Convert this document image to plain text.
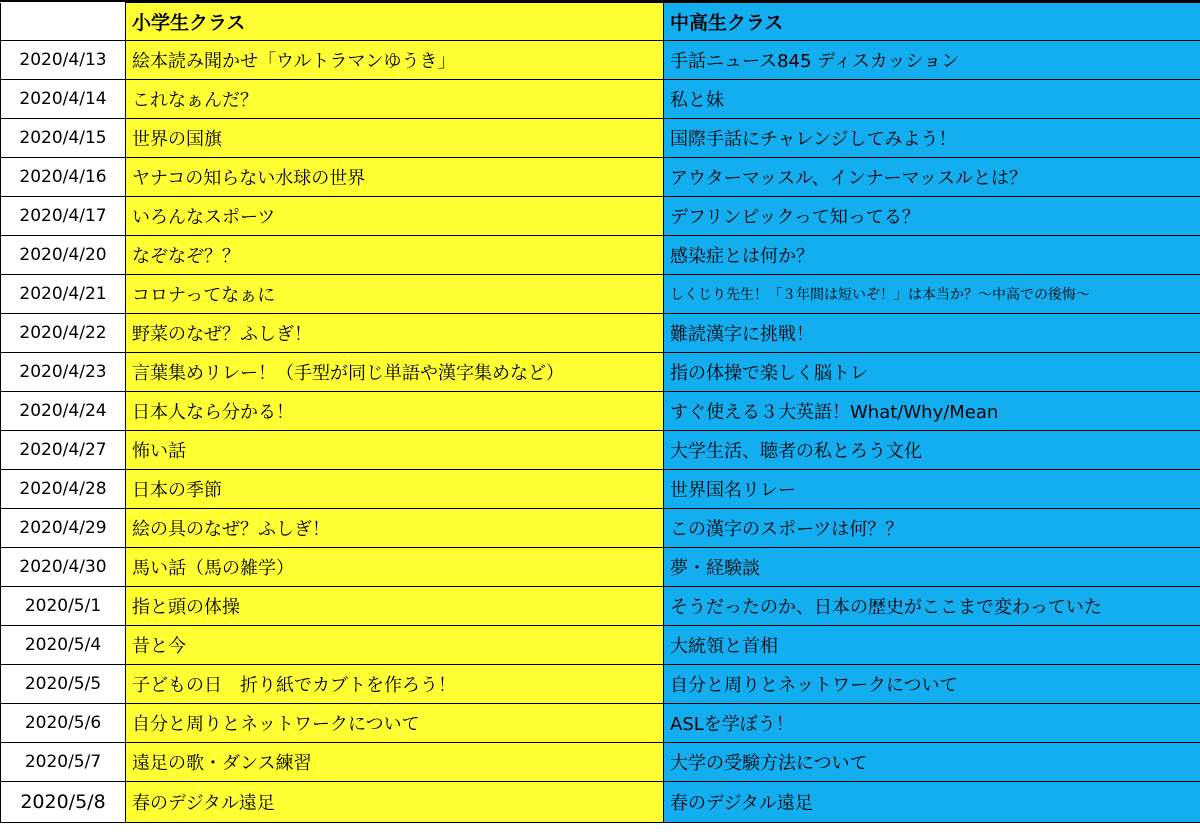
	小学生クラス	中高生クラス
2020/4/13	絵本読み聞かせ「ウルトラマンゆうき」	手話ニュース845 ディスカッション
2020/4/14	これなぁんだ？	私と妹
2020/4/15	世界の国旗	国際手話にチャレンジしてみよう！
2020/4/16	ヤナコの知らない水球の世界	アウターマッスル、インナーマッスルとは？
2020/4/17	いろんなスポーツ	デフリンピックって知ってる？
2020/4/20	なぞなぞ？？	感染症とは何か？
2020/4/21	コロナってなぁに	しくじり先生！「３年間は短いぞ！」は本当か？〜中高での後悔〜
2020/4/22	野菜のなぜ？ふしぎ！	難読漢字に挑戦！
2020/4/23	言葉集めリレー！（手型が同じ単語や漢字集めなど）	指の体操で楽しく脳トレ
2020/4/24	日本人なら分かる！	すぐ使える３大英語！What/Why/Mean
2020/4/27	怖い話	大学生活、聴者の私とろう文化
2020/4/28	日本の季節	世界国名リレー
2020/4/29	絵の具のなぜ？ふしぎ！	この漢字のスポーツは何？？
2020/4/30	馬い話（馬の雑学）	夢・経験談
2020/5/1	指と頭の体操	そうだったのか、日本の歴史がここまで変わっていた
2020/5/4	昔と今	大統領と首相
2020/5/5	子どもの日　折り紙でカブトを作ろう！	自分と周りとネットワークについて
2020/5/6	自分と周りとネットワークについて	ASLを学ぼう！
2020/5/7	遠足の歌・ダンス練習	大学の受験方法について
2020/5/8	春のデジタル遠足	春のデジタル遠足
